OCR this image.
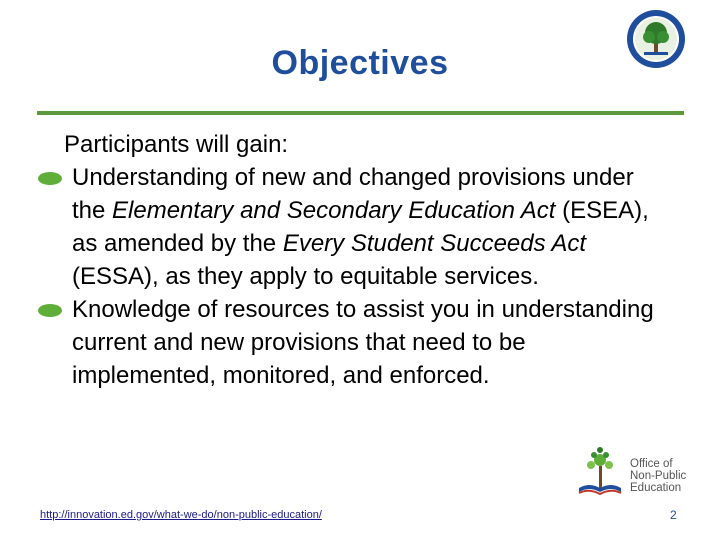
Objectives

Participants will gain:

Understanding of new and changed provisions under the Elementary and Secondary Education Act (ESEA), as amended by the Every Student Succeeds Act (ESSA), as they apply to equitable services.
Knowledge of resources to assist you in understanding current and new provisions that need to be implemented, monitored, and enforced.
Office of
Non-Public
Education
http://innovation.ed.gov/what-we-do/non-public-education/	2
